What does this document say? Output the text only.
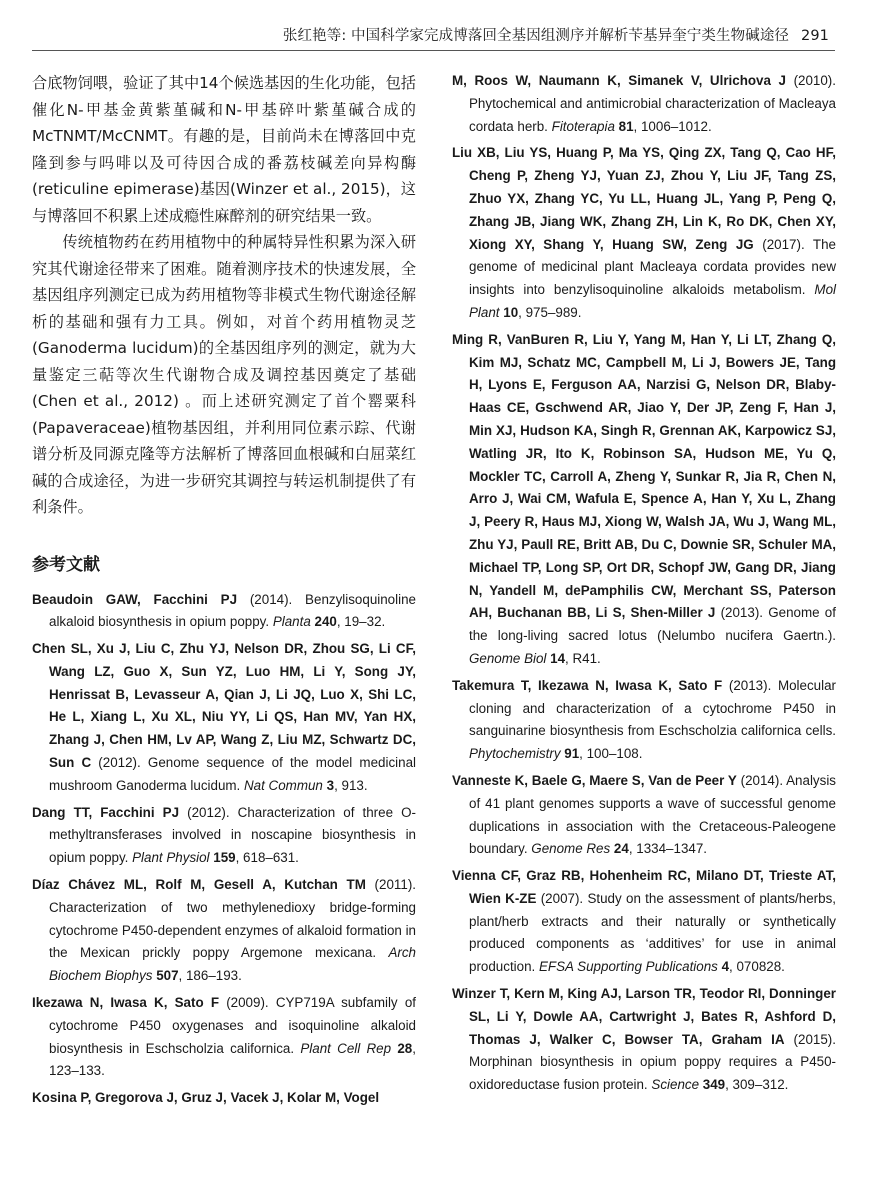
张红艳等: 中国科学家完成博落回全基因组测序并解析苄基异奎宁类生物碱途径 291

合底物饲喂，验证了其中14个候选基因的生化功能，包括催化N-甲基金黄紫堇碱和N-甲基碎叶紫堇碱合成的McTNMT/McCNMT。有趣的是，目前尚未在博落回中克隆到参与吗啡以及可待因合成的番荔枝碱差向异构酶(reticuline epimerase)基因(Winzer et al., 2015)，这与博落回不积累上述成瘾性麻醉剂的研究结果一致。

传统植物药在药用植物中的种属特异性积累为深入研究其代谢途径带来了困难。随着测序技术的快速发展，全基因组序列测定已成为药用植物等非模式生物代谢途径解析的基础和强有力工具。例如，对首个药用植物灵芝(Ganoderma lucidum)的全基因组序列的测定，就为大量鉴定三萜等次生代谢物合成及调控基因奠定了基础(Chen et al., 2012) 。而上述研究测定了首个罂粟科(Papaveraceae)植物基因组，并利用同位素示踪、代谢谱分析及同源克隆等方法解析了博落回血根碱和白屈菜红碱的合成途径，为进一步研究其调控与转运机制提供了有利条件。

参考文献

Beaudoin GAW, Facchini PJ (2014). Benzylisoquinoline alkaloid biosynthesis in opium poppy. Planta 240, 19–32.

Chen SL, Xu J, Liu C, Zhu YJ, Nelson DR, Zhou SG, Li CF, Wang LZ, Guo X, Sun YZ, Luo HM, Li Y, Song JY, Henrissat B, Levasseur A, Qian J, Li JQ, Luo X, Shi LC, He L, Xiang L, Xu XL, Niu YY, Li QS, Han MV, Yan HX, Zhang J, Chen HM, Lv AP, Wang Z, Liu MZ, Schwartz DC, Sun C (2012). Genome sequence of the model medicinal mushroom Ganoderma lucidum. Nat Commun 3, 913.

Dang TT, Facchini PJ (2012). Characterization of three O-methyltransferases involved in noscapine biosynthesis in opium poppy. Plant Physiol 159, 618–631.

Díaz Chávez ML, Rolf M, Gesell A, Kutchan TM (2011). Characterization of two methylenedioxy bridge-forming cytochrome P450-dependent enzymes of alkaloid formation in the Mexican prickly poppy Argemone mexicana. Arch Biochem Biophys 507, 186–193.

Ikezawa N, Iwasa K, Sato F (2009). CYP719A subfamily of cytochrome P450 oxygenases and isoquinoline alkaloid biosynthesis in Eschscholzia californica. Plant Cell Rep 28, 123–133.

Kosina P, Gregorova J, Gruz J, Vacek J, Kolar M, Vogel

M, Roos W, Naumann K, Simanek V, Ulrichova J (2010). Phytochemical and antimicrobial characterization of Macleaya cordata herb. Fitoterapia 81, 1006–1012.

Liu XB, Liu YS, Huang P, Ma YS, Qing ZX, Tang Q, Cao HF, Cheng P, Zheng YJ, Yuan ZJ, Zhou Y, Liu JF, Tang ZS, Zhuo YX, Zhang YC, Yu LL, Huang JL, Yang P, Peng Q, Zhang JB, Jiang WK, Zhang ZH, Lin K, Ro DK, Chen XY, Xiong XY, Shang Y, Huang SW, Zeng JG (2017). The genome of medicinal plant Macleaya cordata provides new insights into benzylisoquinoline alkaloids metabolism. Mol Plant 10, 975–989.

Ming R, VanBuren R, Liu Y, Yang M, Han Y, Li LT, Zhang Q, Kim MJ, Schatz MC, Campbell M, Li J, Bowers JE, Tang H, Lyons E, Ferguson AA, Narzisi G, Nelson DR, Blaby-Haas CE, Gschwend AR, Jiao Y, Der JP, Zeng F, Han J, Min XJ, Hudson KA, Singh R, Grennan AK, Karpowicz SJ, Watling JR, Ito K, Robinson SA, Hudson ME, Yu Q, Mockler TC, Carroll A, Zheng Y, Sunkar R, Jia R, Chen N, Arro J, Wai CM, Wafula E, Spence A, Han Y, Xu L, Zhang J, Peery R, Haus MJ, Xiong W, Walsh JA, Wu J, Wang ML, Zhu YJ, Paull RE, Britt AB, Du C, Downie SR, Schuler MA, Michael TP, Long SP, Ort DR, Schopf JW, Gang DR, Jiang N, Yandell M, dePamphilis CW, Merchant SS, Paterson AH, Buchanan BB, Li S, Shen-Miller J (2013). Genome of the long-living sacred lotus (Nelumbo nucifera Gaertn.). Genome Biol 14, R41.

Takemura T, Ikezawa N, Iwasa K, Sato F (2013). Molecular cloning and characterization of a cytochrome P450 in sanguinarine biosynthesis from Eschscholzia californica cells. Phytochemistry 91, 100–108.

Vanneste K, Baele G, Maere S, Van de Peer Y (2014). Analysis of 41 plant genomes supports a wave of successful genome duplications in association with the Cretaceous-Paleogene boundary. Genome Res 24, 1334–1347.

Vienna CF, Graz RB, Hohenheim RC, Milano DT, Trieste AT, Wien K-ZE (2007). Study on the assessment of plants/herbs, plant/herb extracts and their naturally or synthetically produced components as ‘additives’ for use in animal production. EFSA Supporting Publications 4, 070828.

Winzer T, Kern M, King AJ, Larson TR, Teodor RI, Donninger SL, Li Y, Dowle AA, Cartwright J, Bates R, Ashford D, Thomas J, Walker C, Bowser TA, Graham IA (2015). Morphinan biosynthesis in opium poppy requires a P450-oxidoreductase fusion protein. Science 349, 309–312.
